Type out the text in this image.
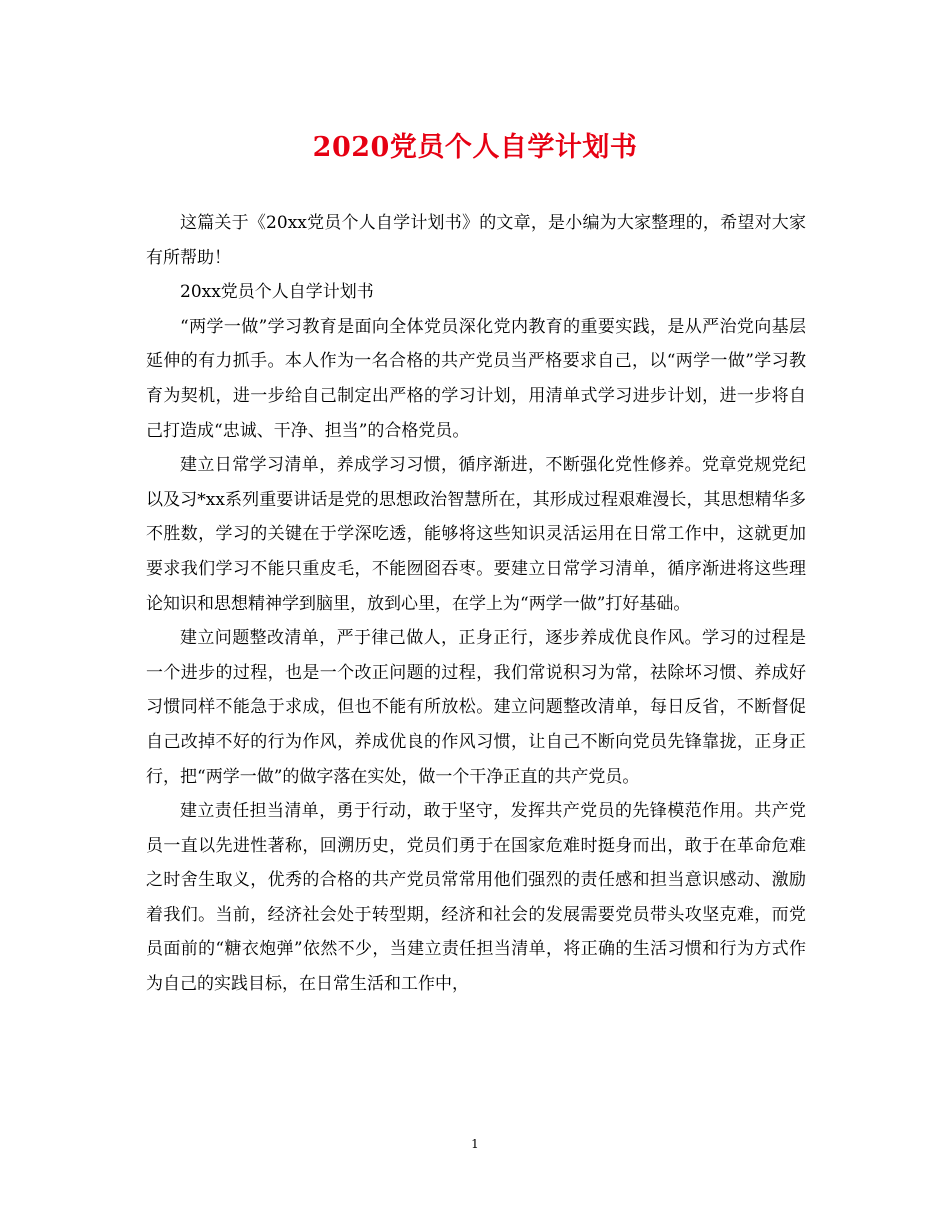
2020党员个人自学计划书

这篇关于《20xx党员个人自学计划书》的文章，是小编为大家整理的，希望对大家有所帮助！

20xx党员个人自学计划书

“两学一做”学习教育是面向全体党员深化党内教育的重要实践，是从严治党向基层延伸的有力抓手。本人作为一名合格的共产党员当严格要求自己，以“两学一做”学习教育为契机，进一步给自己制定出严格的学习计划，用清单式学习进步计划，进一步将自己打造成“忠诚、干净、担当”的合格党员。

建立日常学习清单，养成学习习惯，循序渐进，不断强化党性修养。党章党规党纪以及习*xx系列重要讲话是党的思想政治智慧所在，其形成过程艰难漫长，其思想精华多不胜数，学习的关键在于学深吃透，能够将这些知识灵活运用在日常工作中，这就更加要求我们学习不能只重皮毛，不能囫囵吞枣。要建立日常学习清单，循序渐进将这些理论知识和思想精神学到脑里，放到心里，在学上为“两学一做”打好基础。

建立问题整改清单，严于律己做人，正身正行，逐步养成优良作风。学习的过程是一个进步的过程，也是一个改正问题的过程，我们常说积习为常，祛除坏习惯、养成好习惯同样不能急于求成，但也不能有所放松。建立问题整改清单，每日反省，不断督促自己改掉不好的行为作风，养成优良的作风习惯，让自己不断向党员先锋靠拢，正身正行，把“两学一做”的做字落在实处，做一个干净正直的共产党员。

建立责任担当清单，勇于行动，敢于坚守，发挥共产党员的先锋模范作用。共产党员一直以先进性著称，回溯历史，党员们勇于在国家危难时挺身而出，敢于在革命危难之时舍生取义，优秀的合格的共产党员常常用他们强烈的责任感和担当意识感动、激励着我们。当前，经济社会处于转型期，经济和社会的发展需要党员带头攻坚克难，而党员面前的“糖衣炮弹”依然不少，当建立责任担当清单，将正确的生活习惯和行为方式作为自己的实践目标，在日常生活和工作中，

1
